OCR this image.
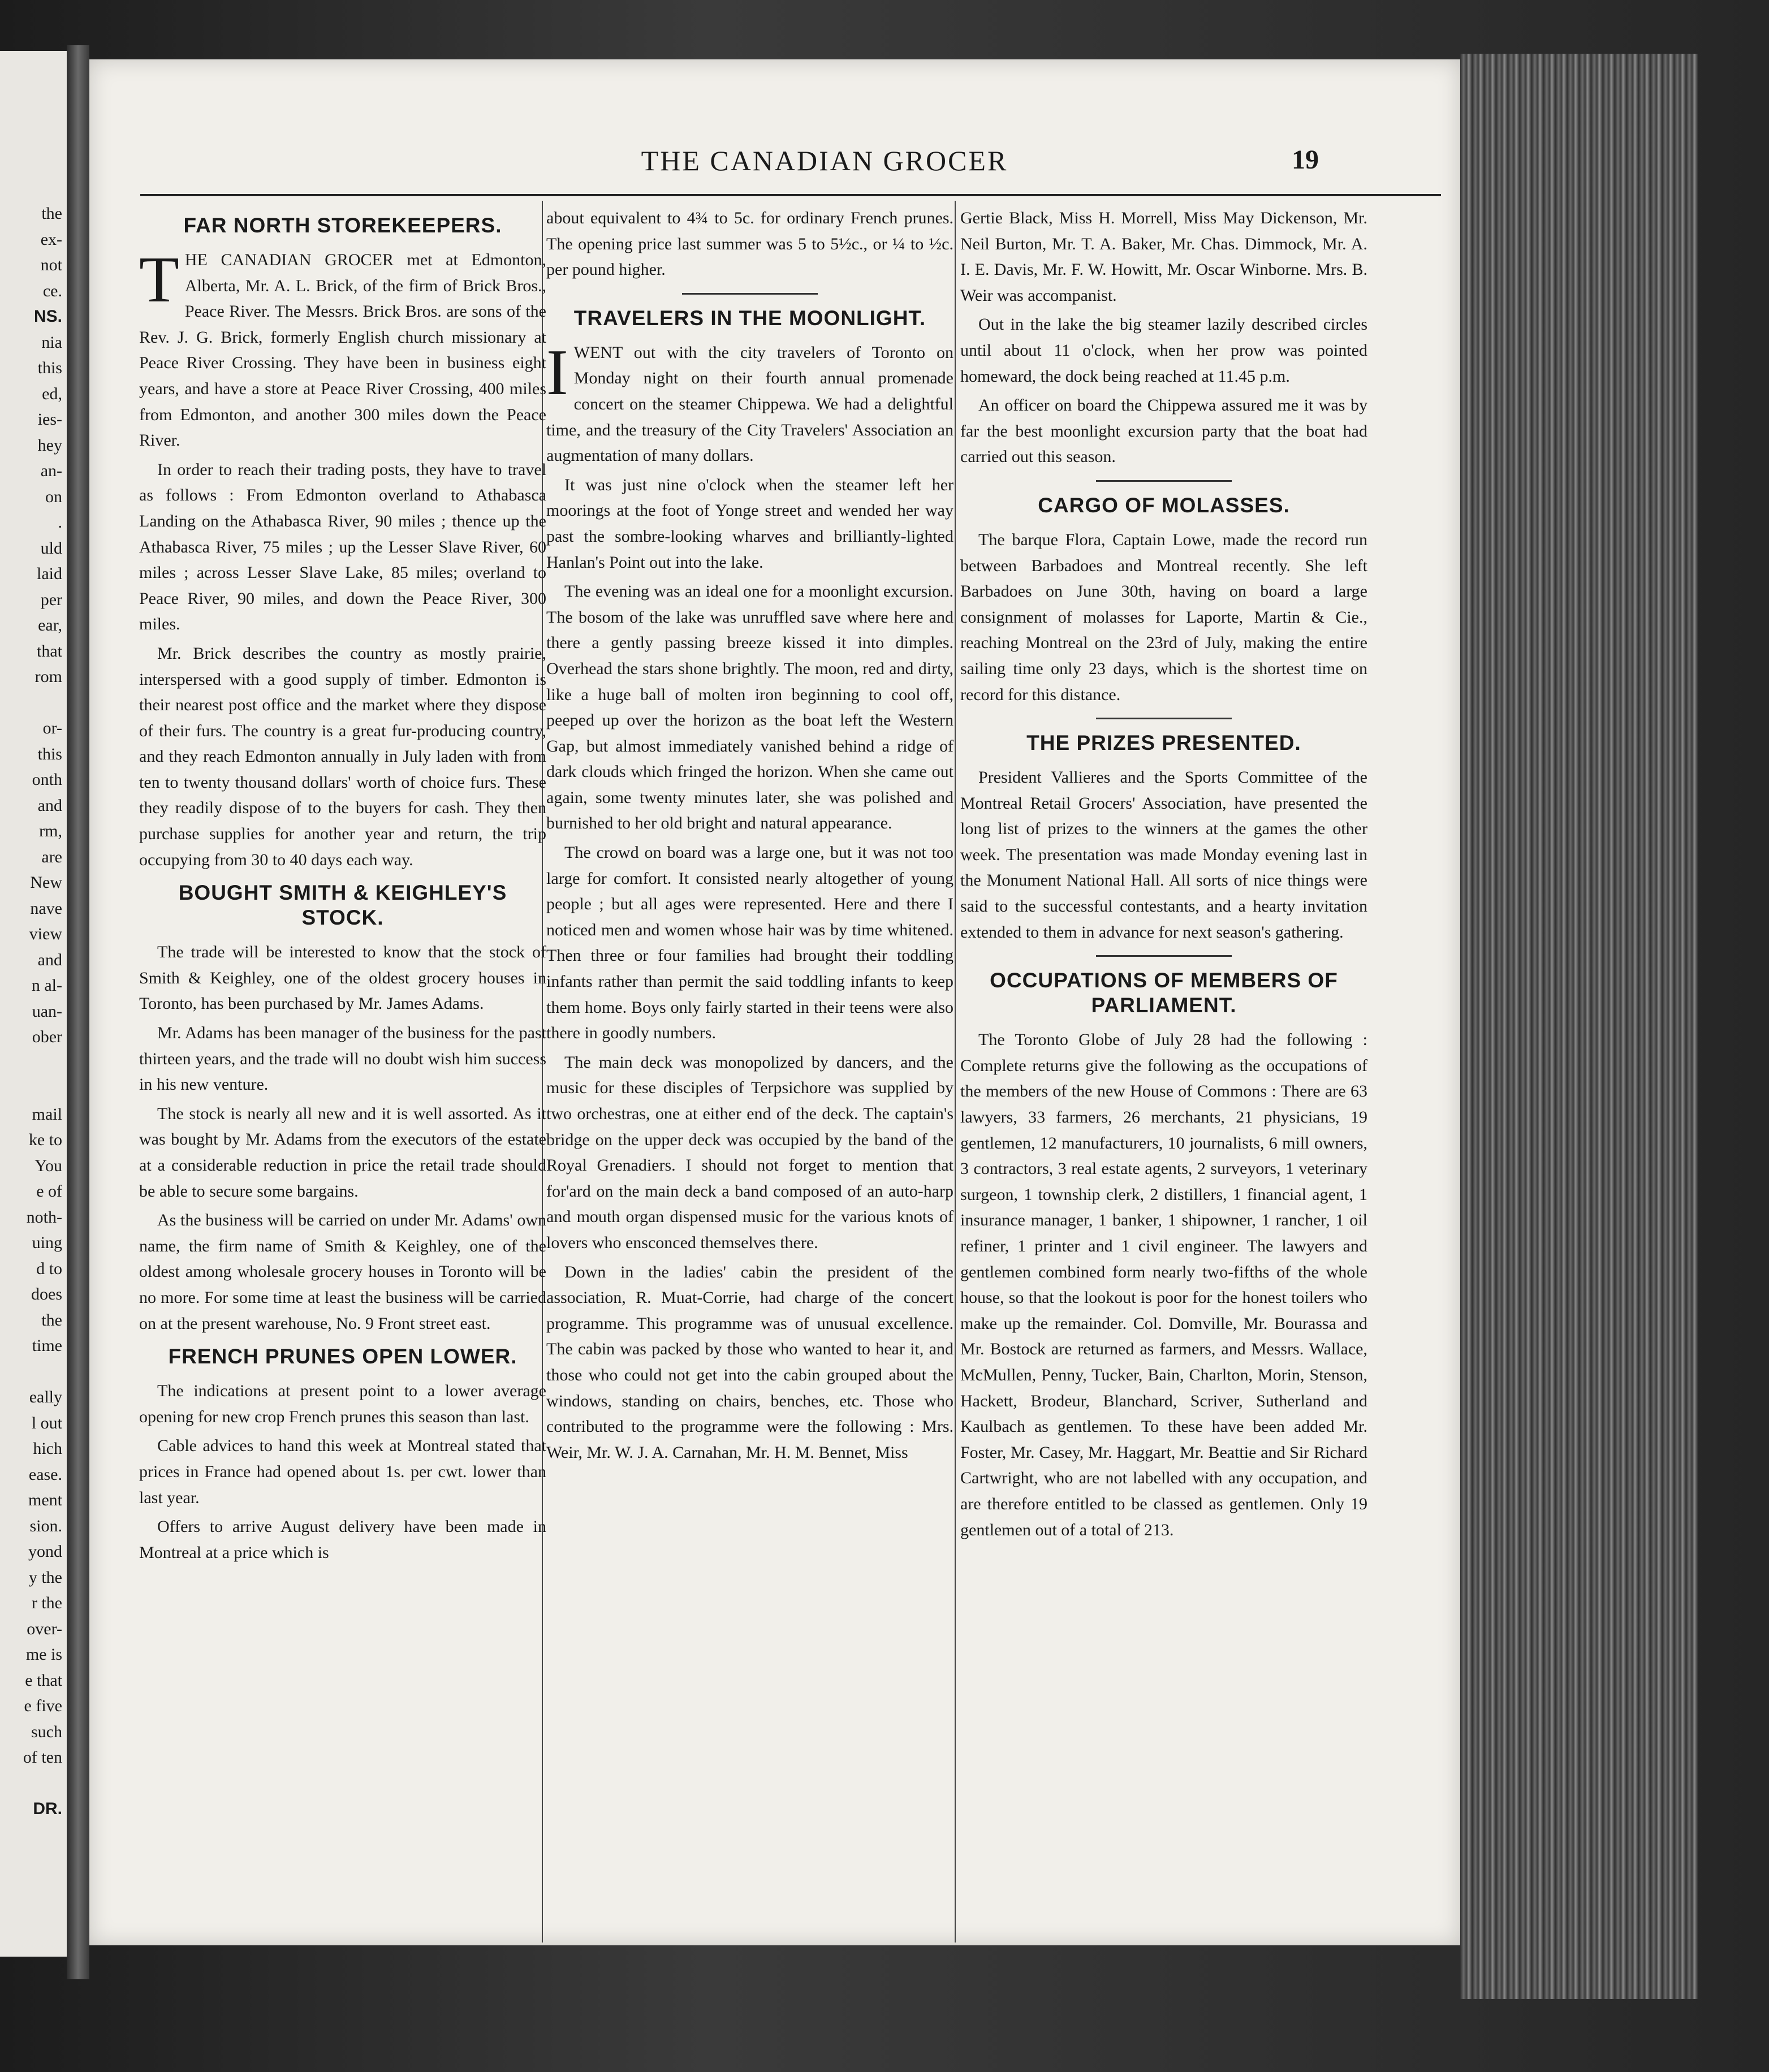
the
ex-
not
ce.
NS.
nia
this
ed,
ies-
hey
an-
on
.
uld
laid
per
ear,
that
rom
or-
this
onth
and
rm,
are
New
nave
view
and
n al-
uan-
ober
mail
ke to
You
e of
noth-
uing
d to
does
the
time
eally
l out
hich
ease.
ment
sion.
yond
y the
r the
over-
me is
e that
e five
such
of ten
DR.
THE CANADIAN GROCER	19
FAR NORTH STOREKEEPERS.

THE CANADIAN GROCER met at Edmonton, Alberta, Mr. A. L. Brick, of the firm of Brick Bros., Peace River. The Messrs. Brick Bros. are sons of the Rev. J. G. Brick, formerly English church missionary at Peace River Crossing. They have been in business eight years, and have a store at Peace River Crossing, 400 miles from Edmonton, and another 300 miles down the Peace River.

In order to reach their trading posts, they have to travel as follows : From Edmonton overland to Athabasca Landing on the Athabasca River, 90 miles ; thence up the Athabasca River, 75 miles ; up the Lesser Slave River, 60 miles ; across Lesser Slave Lake, 85 miles; overland to Peace River, 90 miles, and down the Peace River, 300 miles.

Mr. Brick describes the country as mostly prairie, interspersed with a good supply of timber. Edmonton is their nearest post office and the market where they dispose of their furs. The country is a great fur-producing country, and they reach Edmonton annually in July laden with from ten to twenty thousand dollars' worth of choice furs. These they readily dispose of to the buyers for cash. They then purchase supplies for another year and return, the trip occupying from 30 to 40 days each way.

BOUGHT SMITH & KEIGHLEY'S STOCK.

The trade will be interested to know that the stock of Smith & Keighley, one of the oldest grocery houses in Toronto, has been purchased by Mr. James Adams.

Mr. Adams has been manager of the business for the past thirteen years, and the trade will no doubt wish him success in his new venture.

The stock is nearly all new and it is well assorted. As it was bought by Mr. Adams from the executors of the estate at a considerable reduction in price the retail trade should be able to secure some bargains.

As the business will be carried on under Mr. Adams' own name, the firm name of Smith & Keighley, one of the oldest among wholesale grocery houses in Toronto will be no more. For some time at least the business will be carried on at the present warehouse, No. 9 Front street east.

FRENCH PRUNES OPEN LOWER.

The indications at present point to a lower average opening for new crop French prunes this season than last.

Cable advices to hand this week at Montreal stated that prices in France had opened about 1s. per cwt. lower than last year.

Offers to arrive August delivery have been made in Montreal at a price which is

about equivalent to 4¾ to 5c. for ordinary French prunes. The opening price last summer was 5 to 5½c., or ¼ to ½c. per pound higher.

TRAVELERS IN THE MOONLIGHT.

IWENT out with the city travelers of Toronto on Monday night on their fourth annual promenade concert on the steamer Chippewa. We had a delightful time, and the treasury of the City Travelers' Association an augmentation of many dollars.

It was just nine o'clock when the steamer left her moorings at the foot of Yonge street and wended her way past the sombre-looking wharves and brilliantly-lighted Hanlan's Point out into the lake.

The evening was an ideal one for a moonlight excursion. The bosom of the lake was unruffled save where here and there a gently passing breeze kissed it into dimples. Overhead the stars shone brightly. The moon, red and dirty, like a huge ball of molten iron beginning to cool off, peeped up over the horizon as the boat left the Western Gap, but almost immediately vanished behind a ridge of dark clouds which fringed the horizon. When she came out again, some twenty minutes later, she was polished and burnished to her old bright and natural appearance.

The crowd on board was a large one, but it was not too large for comfort. It consisted nearly altogether of young people ; but all ages were represented. Here and there I noticed men and women whose hair was by time whitened. Then three or four families had brought their toddling infants rather than permit the said toddling infants to keep them home. Boys only fairly started in their teens were also there in goodly numbers.

The main deck was monopolized by dancers, and the music for these disciples of Terpsichore was supplied by two orchestras, one at either end of the deck. The captain's bridge on the upper deck was occupied by the band of the Royal Grenadiers. I should not forget to mention that for'ard on the main deck a band composed of an auto-harp and mouth organ dispensed music for the various knots of lovers who ensconced themselves there.

Down in the ladies' cabin the president of the association, R. Muat-Corrie, had charge of the concert programme. This programme was of unusual excellence. The cabin was packed by those who wanted to hear it, and those who could not get into the cabin grouped about the windows, standing on chairs, benches, etc. Those who contributed to the programme were the following : Mrs. Weir, Mr. W. J. A. Carnahan, Mr. H. M. Bennet, Miss

Gertie Black, Miss H. Morrell, Miss May Dickenson, Mr. Neil Burton, Mr. T. A. Baker, Mr. Chas. Dimmock, Mr. A. I. E. Davis, Mr. F. W. Howitt, Mr. Oscar Winborne. Mrs. B. Weir was accompanist.

Out in the lake the big steamer lazily described circles until about 11 o'clock, when her prow was pointed homeward, the dock being reached at 11.45 p.m.

An officer on board the Chippewa assured me it was by far the best moonlight excursion party that the boat had carried out this season.

CARGO OF MOLASSES.

The barque Flora, Captain Lowe, made the record run between Barbadoes and Montreal recently. She left Barbadoes on June 30th, having on board a large consignment of molasses for Laporte, Martin & Cie., reaching Montreal on the 23rd of July, making the entire sailing time only 23 days, which is the shortest time on record for this distance.

THE PRIZES PRESENTED.

President Vallieres and the Sports Committee of the Montreal Retail Grocers' Association, have presented the long list of prizes to the winners at the games the other week. The presentation was made Monday evening last in the Monument National Hall. All sorts of nice things were said to the successful contestants, and a hearty invitation extended to them in advance for next season's gathering.

OCCUPATIONS OF MEMBERS OF PARLIAMENT.

The Toronto Globe of July 28 had the following : Complete returns give the following as the occupations of the members of the new House of Commons : There are 63 lawyers, 33 farmers, 26 merchants, 21 physicians, 19 gentlemen, 12 manufacturers, 10 journalists, 6 mill owners, 3 contractors, 3 real estate agents, 2 surveyors, 1 veterinary surgeon, 1 township clerk, 2 distillers, 1 financial agent, 1 insurance manager, 1 banker, 1 shipowner, 1 rancher, 1 oil refiner, 1 printer and 1 civil engineer. The lawyers and gentlemen combined form nearly two-fifths of the whole house, so that the lookout is poor for the honest toilers who make up the remainder. Col. Domville, Mr. Bourassa and Mr. Bostock are returned as farmers, and Messrs. Wallace, McMullen, Penny, Tucker, Bain, Charlton, Morin, Stenson, Hackett, Brodeur, Blanchard, Scriver, Sutherland and Kaulbach as gentlemen. To these have been added Mr. Foster, Mr. Casey, Mr. Haggart, Mr. Beattie and Sir Richard Cartwright, who are not labelled with any occupation, and are therefore entitled to be classed as gentlemen. Only 19 gentlemen out of a total of 213.
